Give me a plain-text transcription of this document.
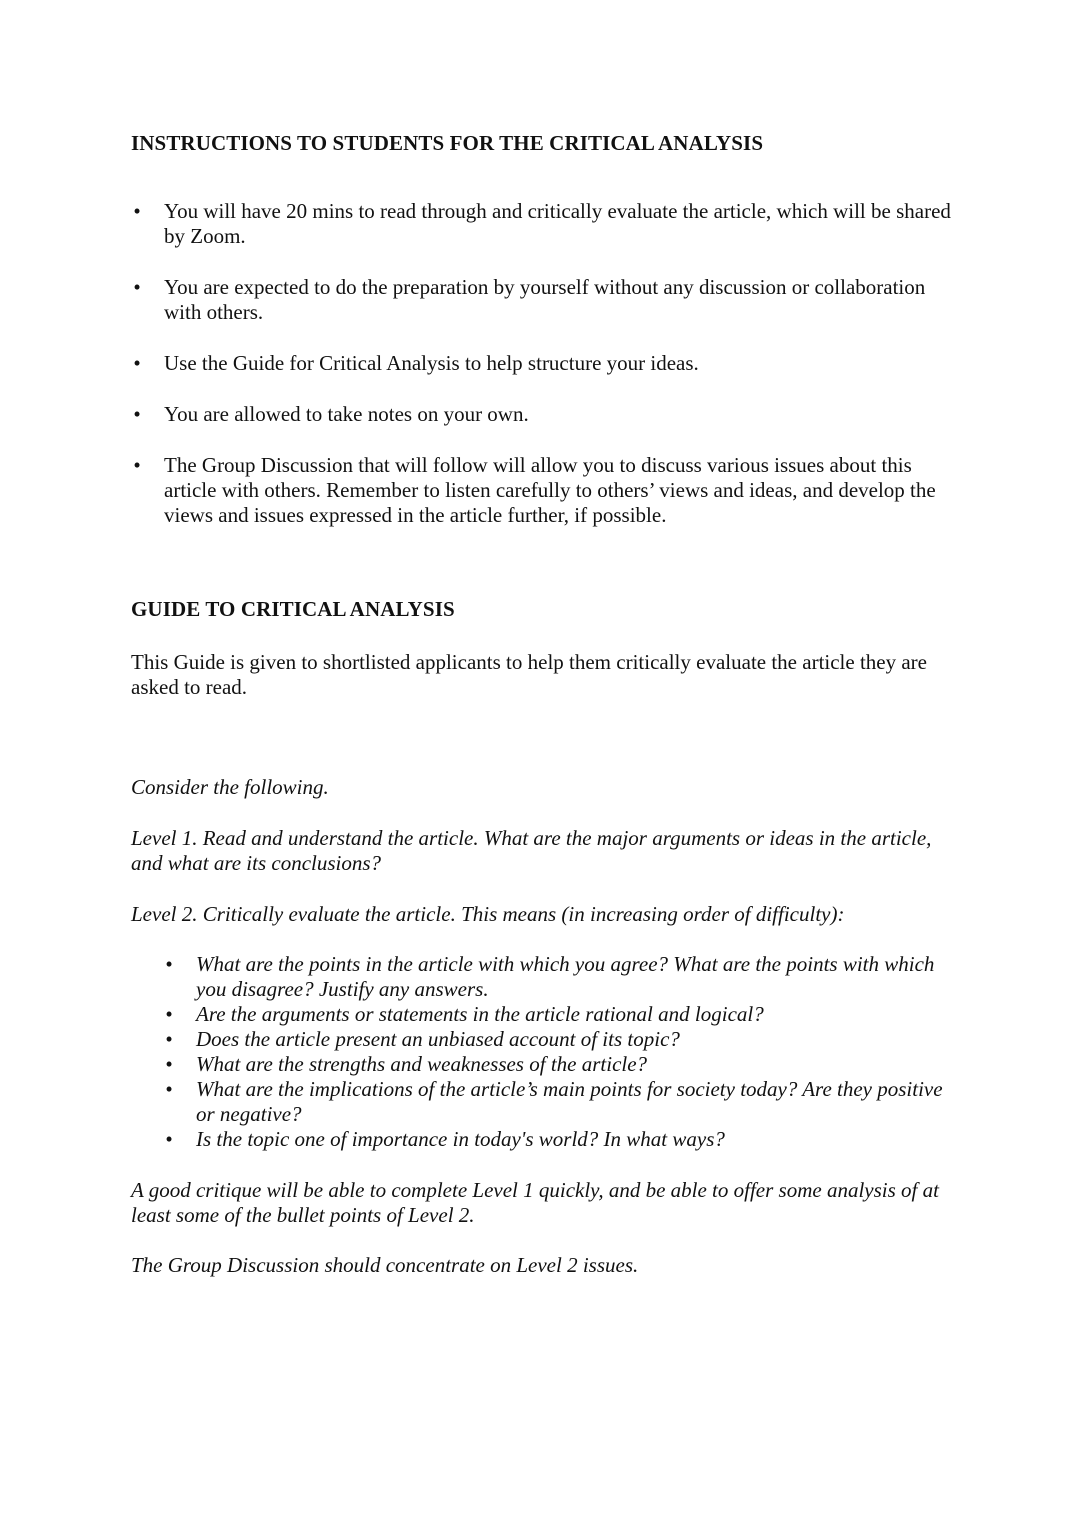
INSTRUCTIONS TO STUDENTS FOR THE CRITICAL ANALYSIS
• You will have 20 mins to read through and critically evaluate the article, which will be shared by Zoom.
• You are expected to do the preparation by yourself without any discussion or collaboration with others.
• Use the Guide for Critical Analysis to help structure your ideas.
• You are allowed to take notes on your own.
• The Group Discussion that will follow will allow you to discuss various issues about this article with others. Remember to listen carefully to others’ views and ideas, and develop the views and issues expressed in the article further, if possible.
GUIDE TO CRITICAL ANALYSIS

This Guide is given to shortlisted applicants to help them critically evaluate the article they are asked to read.

Consider the following.

Level 1. Read and understand the article. What are the major arguments or ideas in the article, and what are its conclusions?

Level 2. Critically evaluate the article. This means (in increasing order of difficulty):

• What are the points in the article with which you agree? What are the points with which you disagree? Justify any answers.
• Are the arguments or statements in the article rational and logical?
• Does the article present an unbiased account of its topic?
• What are the strengths and weaknesses of the article?
• What are the implications of the article’s main points for society today? Are they positive or negative?
• Is the topic one of importance in today's world? In what ways?

A good critique will be able to complete Level 1 quickly, and be able to offer some analysis of at least some of the bullet points of Level 2.

The Group Discussion should concentrate on Level 2 issues.
